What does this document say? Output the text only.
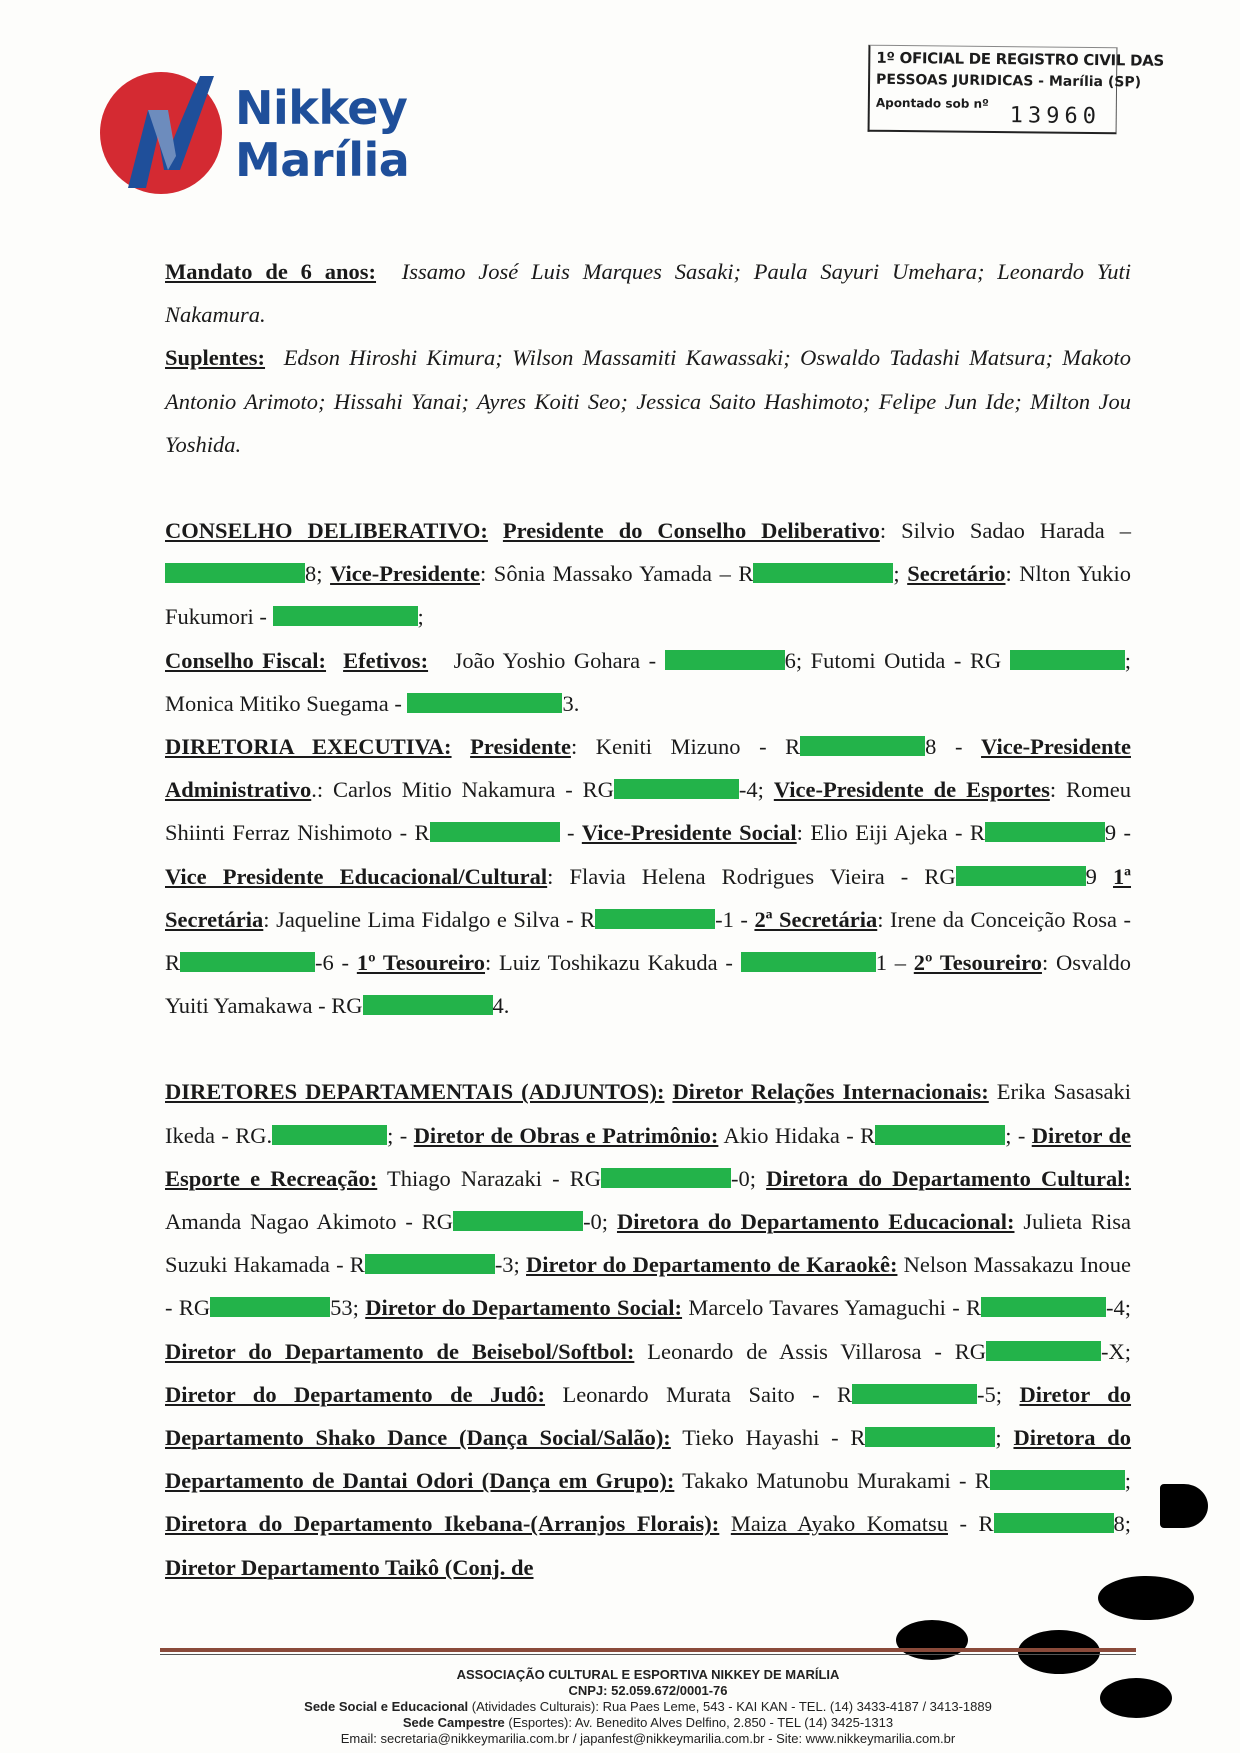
Nikkey
Marília
1º OFICIAL DE REGISTRO CIVIL DAS
PESSOAS JURIDICAS - Marília (SP)
Apontado sob nº 13960

Mandato de 6 anos: Issamo José Luis Marques Sasaki; Paula Sayuri Umehara; Leonardo Yuti Nakamura.

Suplentes: Edson Hiroshi Kimura; Wilson Massamiti Kawassaki; Oswaldo Tadashi Matsura; Makoto Antonio Arimoto; Hissahi Yanai; Ayres Koiti Seo; Jessica Saito Hashimoto; Felipe Jun Ide; Milton Jou Yoshida.

CONSELHO DELIBERATIVO: Presidente do Conselho Deliberativo: Silvio Sadao Harada – 8; Vice-Presidente: Sônia Massako Yamada – R	; Secretário: Nlton Yukio Fukumori -	;

Conselho Fiscal: Efetivos: João Yoshio Gohara -	6; Futomi Outida - RG	; Monica Mitiko Suegama -	3.

DIRETORIA EXECUTIVA: Presidente: Keniti Mizuno - R	8 - Vice-Presidente Administrativo.: Carlos Mitio Nakamura - RG	-4; Vice-Presidente de Esportes: Romeu Shiinti Ferraz Nishimoto - R	- Vice-Presidente Social: Elio Eiji Ajeka - R	9 - Vice Presidente Educacional/Cultural: Flavia Helena Rodrigues Vieira - RG	9 1ª Secretária: Jaqueline Lima Fidalgo e Silva - R	-1 - 2ª Secretária: Irene da Conceição Rosa - R	-6 - 1º Tesoureiro: Luiz Toshikazu Kakuda -	1 – 2º Tesoureiro: Osvaldo Yuiti Yamakawa - RG	4.

DIRETORES DEPARTAMENTAIS (ADJUNTOS): Diretor Relações Internacionais: Erika Sasasaki Ikeda - RG.	; - Diretor de Obras e Patrimônio: Akio Hidaka - R	; - Diretor de Esporte e Recreação: Thiago Narazaki - RG	-0; Diretora do Departamento Cultural: Amanda Nagao Akimoto - RG	-0; Diretora do Departamento Educacional: Julieta Risa Suzuki Hakamada - R	-3; Diretor do Departamento de Karaokê: Nelson Massakazu Inoue - RG	53; Diretor do Departamento Social: Marcelo Tavares Yamaguchi - R	-4; Diretor do Departamento de Beisebol/Softbol: Leonardo de Assis Villarosa - RG	-X; Diretor do Departamento de Judô: Leonardo Murata Saito - R	-5; Diretor do Departamento Shako Dance (Dança Social/Salão): Tieko Hayashi - R	; Diretora do Departamento de Dantai Odori (Dança em Grupo): Takako Matunobu Murakami - R	; Diretora do Departamento Ikebana-(Arranjos Florais): Maiza Ayako Komatsu - R	8; Diretor Departamento Taikô (Conj. de

ASSOCIAÇÃO CULTURAL E ESPORTIVA NIKKEY DE MARÍLIA
CNPJ: 52.059.672/0001-76
Sede Social e Educacional (Atividades Culturais): Rua Paes Leme, 543 - KAI KAN - TEL. (14) 3433-4187 / 3413-1889
Sede Campestre (Esportes): Av. Benedito Alves Delfino, 2.850 - TEL (14) 3425-1313
Email: secretaria@nikkeymarilia.com.br / japanfest@nikkeymarilia.com.br - Site: www.nikkeymarilia.com.br
